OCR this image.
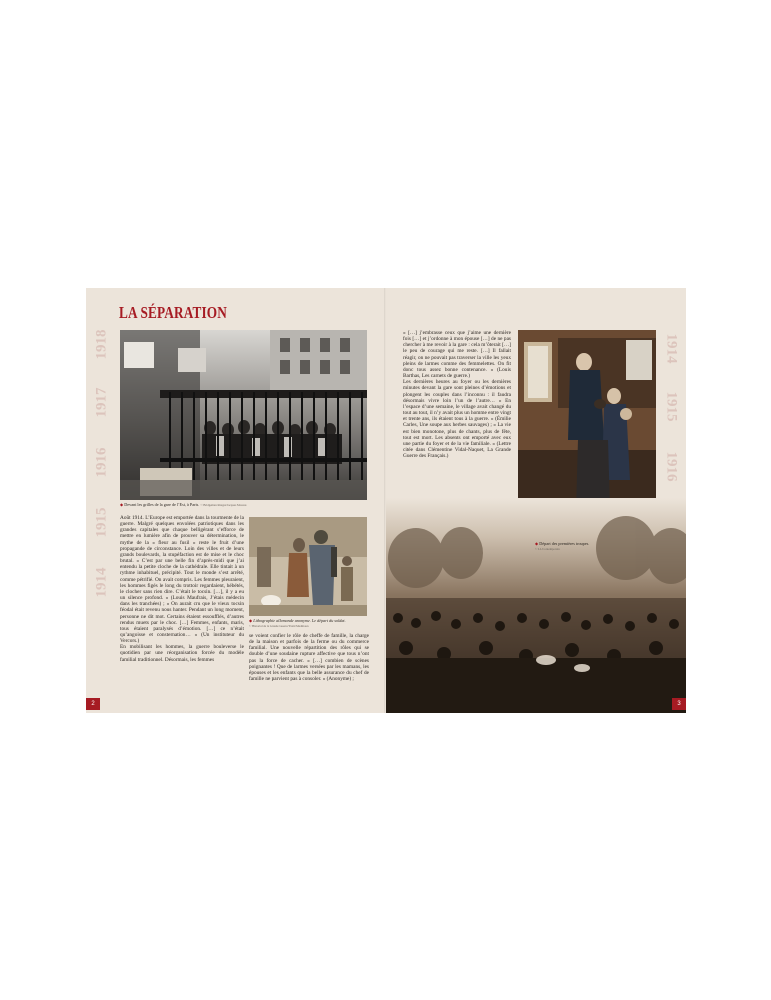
LA SÉPARATION
1914
1915
1916
1917
1918	1914
1915
1916
◆ Devant les grilles de la gare de l’Est, à Paris. © Bridgeman Images/Jacques Moreau

Août 1914. L’Europe est emportée dans la tourmente de la guerre. Malgré quelques envolées patriotiques dans les grandes capitales que chaque belligérant s’efforce de mettre en lumière afin de prouver sa détermination, le mythe de la « fleur au fusil » reste le fruit d’une propagande de circonstance. Loin des villes et de leurs grands boulevards, la stupéfaction est de mise et le choc brutal. « C’est par une belle fin d’après-midi que j’ai entendu la petite cloche de la cathédrale. Elle tintait à un rythme inhabituel, précipité. Tout le monde s’est arrêté, comme pétrifié. On avait compris. Les femmes pleuraient, les hommes figés le long du trottoir regardaient, hébétés, le clocher sans rien dire. C’était le tocsin. […], il y a eu un silence profond. » (Louis Maufrais, J’étais médecin dans les tranchées) ; « On aurait cru que le vieux tocsin féodal était revenu nous hanter. Pendant un long moment, personne ne dit mot. Certains étaient essoufflés, d’autres rendus muets par le choc. […] Femmes, enfants, maris, tous étaient paralysés d’émotion. […] ce n’était qu’angoisse et consternation… » (Un instituteur du Vercors.)

En mobilisant les hommes, la guerre bouleverse le quotidien par une réorganisation forcée du modèle familial traditionnel. Désormais, les femmes

◆ Lithographie allemande anonyme. Le départ du soldat.
© Historial de la Grande Guerre/Yazid Medmoun

se voient confier le rôle de cheffe de famille, la charge de la maison et parfois de la ferme ou du commerce familial. Une nouvelle répartition des rôles qui se double d’une soudaine rupture affective que tous n’ont pas la force de cacher. « […] combien de scènes poignantes ! Que de larmes versées par les mamans, les épouses et les enfants que la belle assurance du chef de famille ne parvient pas à consoler. » (Anonyme) ;

« […] j’embrasse ceux que j’aime une dernière fois […] et j’ordonne à mon épouse […] de ne pas chercher à me revoir à la gare : cela m’ôterait […] le peu de courage qui me reste. […] Il fallait réagir, on ne pouvait pas traverser la ville les yeux pleins de larmes comme des femmelettes. On fit donc tous assez bonne contenance. » (Louis Barthas, Les carnets de guerre.)

Les dernières heures au foyer ou les dernières minutes devant la gare sont pleines d’émotions et plongent les couples dans l’inconnu : il faudra désormais vivre loin l’un de l’autre… « En l’espace d’une semaine, le village avait changé du tout au tout, il n’y avait plus un homme entre vingt et trente ans, ils étaient tous à la guerre. » (Émilie Carles, Une soupe aux herbes sauvages) ; « La vie est bien monotone, plus de chants, plus de fête, tout est mort. Les absents ont emporté avec eux une partie du foyer et de la vie familiale. » (Lettre citée dans Clémentine Vidal-Naquet, La Grande Guerre des Français.)

◆ Départ des premières troupes.
© LL/Contemporain
2	3
